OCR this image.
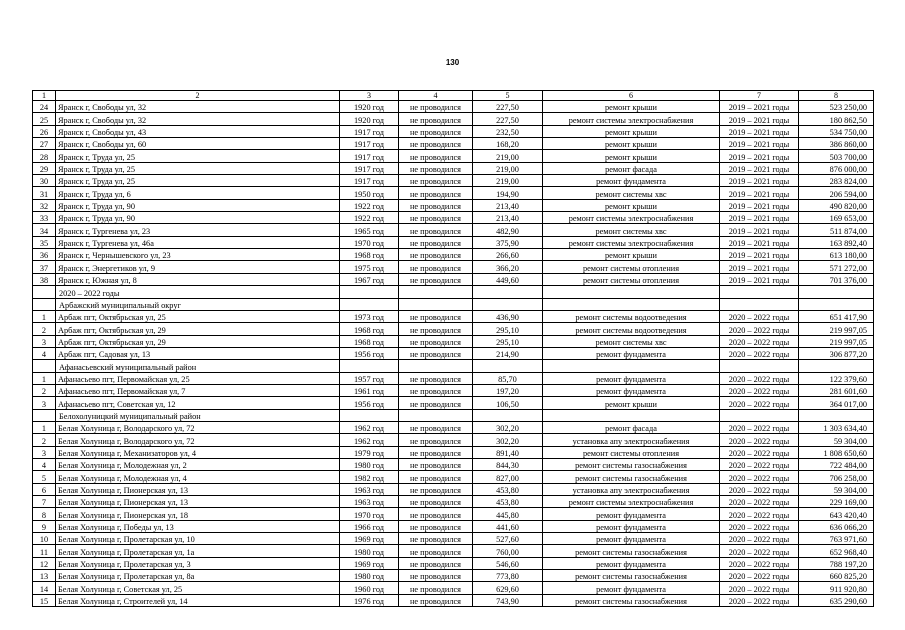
130
1	2	3	4	5	6	7	8
24	Яранск г, Свободы ул, 32	1920 год	не проводился	227,50	ремонт крыши	2019 – 2021 годы	523 250,00
25	Яранск г, Свободы ул, 32	1920 год	не проводился	227,50	ремонт системы электроснабжения	2019 – 2021 годы	180 862,50
26	Яранск г, Свободы ул, 43	1917 год	не проводился	232,50	ремонт крыши	2019 – 2021 годы	534 750,00
27	Яранск г, Свободы ул, 60	1917 год	не проводился	168,20	ремонт крыши	2019 – 2021 годы	386 860,00
28	Яранск г, Труда ул, 25	1917 год	не проводился	219,00	ремонт крыши	2019 – 2021 годы	503 700,00
29	Яранск г, Труда ул, 25	1917 год	не проводился	219,00	ремонт фасада	2019 – 2021 годы	876 000,00
30	Яранск г, Труда ул, 25	1917 год	не проводился	219,00	ремонт фундамента	2019 – 2021 годы	283 824,00
31	Яранск г, Труда ул, 6	1950 год	не проводился	194,90	ремонт системы хвс	2019 – 2021 годы	206 594,00
32	Яранск г, Труда ул, 90	1922 год	не проводился	213,40	ремонт крыши	2019 – 2021 годы	490 820,00
33	Яранск г, Труда ул, 90	1922 год	не проводился	213,40	ремонт системы электроснабжения	2019 – 2021 годы	169 653,00
34	Яранск г, Тургенева ул, 23	1965 год	не проводился	482,90	ремонт системы хвс	2019 – 2021 годы	511 874,00
35	Яранск г, Тургенева ул, 46а	1970 год	не проводился	375,90	ремонт системы электроснабжения	2019 – 2021 годы	163 892,40
36	Яранск г, Чернышевского ул, 23	1968 год	не проводился	266,60	ремонт крыши	2019 – 2021 годы	613 180,00
37	Яранск г, Энергетиков ул, 9	1975 год	не проводился	366,20	ремонт системы отопления	2019 – 2021 годы	571 272,00
38	Яранск г, Южная ул, 8	1967 год	не проводился	449,60	ремонт системы отопления	2019 – 2021 годы	701 376,00
	2020 – 2022 годы						
	Арбажский муниципальный округ						
1	Арбаж пгт, Октябрьская ул, 25	1973 год	не проводился	436,90	ремонт системы водоотведения	2020 – 2022 годы	651 417,90
2	Арбаж пгт, Октябрьская ул, 29	1968 год	не проводился	295,10	ремонт системы водоотведения	2020 – 2022 годы	219 997,05
3	Арбаж пгт, Октябрьская ул, 29	1968 год	не проводился	295,10	ремонт системы хвс	2020 – 2022 годы	219 997,05
4	Арбаж пгт, Садовая ул, 13	1956 год	не проводился	214,90	ремонт фундамента	2020 – 2022 годы	306 877,20
	Афанасьевский муниципальный район						
1	Афанасьево пгт, Первомайская ул, 25	1957 год	не проводился	85,70	ремонт фундамента	2020 – 2022 годы	122 379,60
2	Афанасьево пгт, Первомайская ул, 7	1961 год	не проводился	197,20	ремонт фундамента	2020 – 2022 годы	281 601,60
3	Афанасьево пгт, Советская ул, 12	1956 год	не проводился	106,50	ремонт крыши	2020 – 2022 годы	364 017,00
	Белохолуницкий муниципальный район						
1	Белая Холуница г, Володарского ул, 72	1962 год	не проводился	302,20	ремонт фасада	2020 – 2022 годы	1 303 634,40
2	Белая Холуница г, Володарского ул, 72	1962 год	не проводился	302,20	установка апу электроснабжения	2020 – 2022 годы	59 304,00
3	Белая Холуница г, Механизаторов ул, 4	1979 год	не проводился	891,40	ремонт системы отопления	2020 – 2022 годы	1 808 650,60
4	Белая Холуница г, Молодежная ул, 2	1980 год	не проводился	844,30	ремонт системы газоснабжения	2020 – 2022 годы	722 484,00
5	Белая Холуница г, Молодежная ул, 4	1982 год	не проводился	827,00	ремонт системы газоснабжения	2020 – 2022 годы	706 258,00
6	Белая Холуница г, Пионерская ул, 13	1963 год	не проводился	453,80	установка апу электроснабжения	2020 – 2022 годы	59 304,00
7	Белая Холуница г, Пионерская ул, 13	1963 год	не проводился	453,80	ремонт системы электроснабжения	2020 – 2022 годы	229 169,00
8	Белая Холуница г, Пионерская ул, 18	1970 год	не проводился	445,80	ремонт фундамента	2020 – 2022 годы	643 420,40
9	Белая Холуница г, Победы ул, 13	1966 год	не проводился	441,60	ремонт фундамента	2020 – 2022 годы	636 066,20
10	Белая Холуница г, Пролетарская ул, 10	1969 год	не проводился	527,60	ремонт фундамента	2020 – 2022 годы	763 971,60
11	Белая Холуница г, Пролетарская ул, 1а	1980 год	не проводился	760,00	ремонт системы газоснабжения	2020 – 2022 годы	652 968,40
12	Белая Холуница г, Пролетарская ул, 3	1969 год	не проводился	546,60	ремонт фундамента	2020 – 2022 годы	788 197,20
13	Белая Холуница г, Пролетарская ул, 8а	1980 год	не проводился	773,80	ремонт системы газоснабжения	2020 – 2022 годы	660 825,20
14	Белая Холуница г, Советская ул, 25	1960 год	не проводился	629,60	ремонт фундамента	2020 – 2022 годы	911 920,80
15	Белая Холуница г, Строителей ул, 14	1976 год	не проводился	743,90	ремонт системы газоснабжения	2020 – 2022 годы	635 290,60
